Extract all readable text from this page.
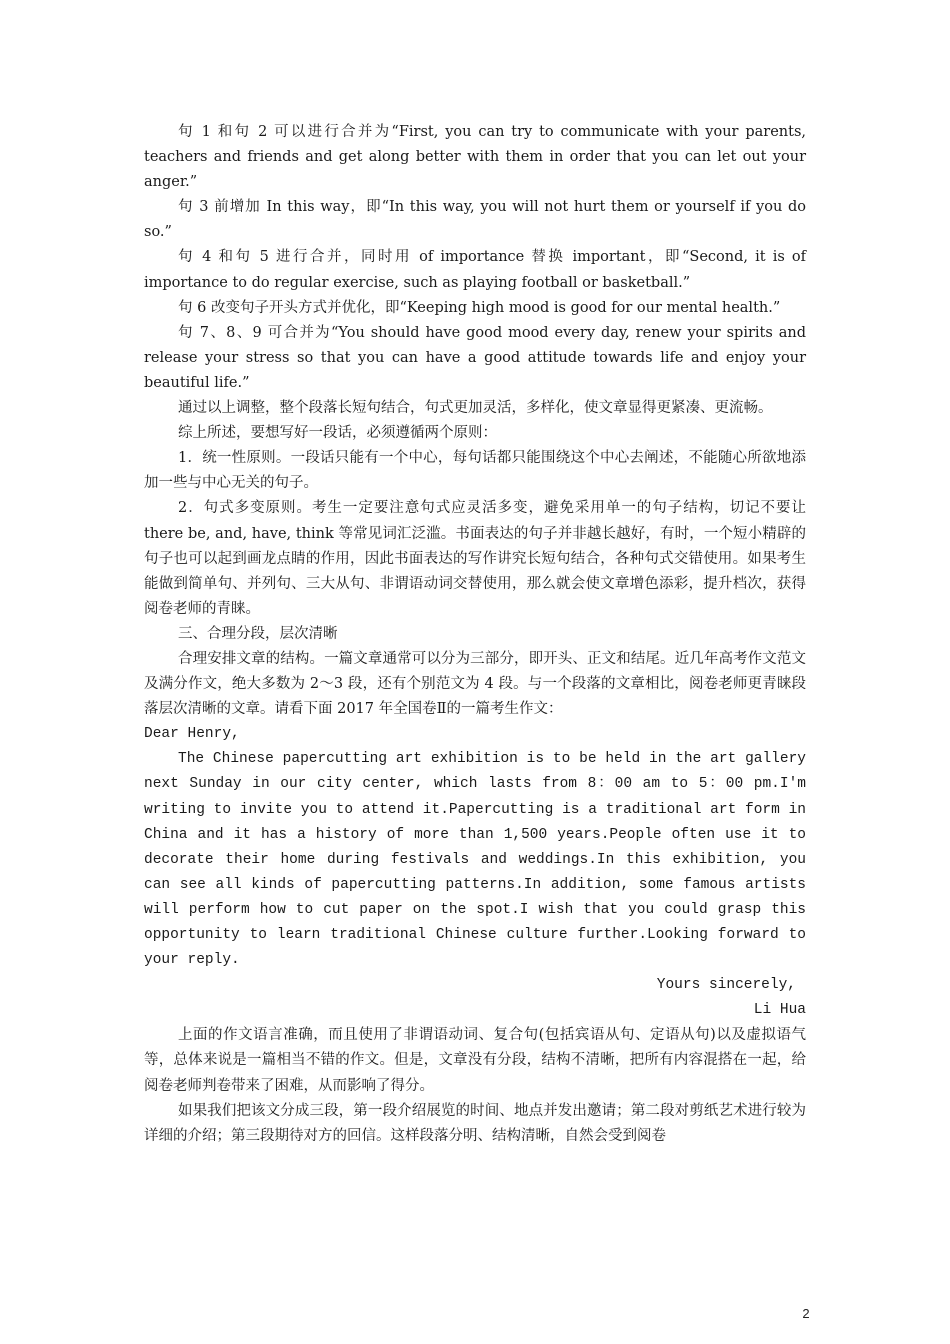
句 1 和句 2 可以进行合并为“First, you can try to communicate with your parents, teachers and friends and get along better with them in order that you can let out your anger.”

句 3 前增加 In this way，即“In this way, you will not hurt them or yourself if you do so.”

句 4 和句 5 进行合并，同时用 of importance 替换 important，即“Second, it is of importance to do regular exercise, such as playing football or basketball.”

句 6 改变句子开头方式并优化，即“Keeping high mood is good for our mental health.”

句 7、8、9 可合并为“You should have good mood every day, renew your spirits and release your stress so that you can have a good attitude towards life and enjoy your beautiful life.”

通过以上调整，整个段落长短句结合，句式更加灵活，多样化，使文章显得更紧凑、更流畅。

综上所述，要想写好一段话，必须遵循两个原则：

1．统一性原则。一段话只能有一个中心，每句话都只能围绕这个中心去阐述，不能随心所欲地添加一些与中心无关的句子。

2．句式多变原则。考生一定要注意句式应灵活多变，避免采用单一的句子结构，切记不要让 there be, and, have, think 等常见词汇泛滥。书面表达的句子并非越长越好，有时，一个短小精辟的句子也可以起到画龙点睛的作用，因此书面表达的写作讲究长短句结合，各种句式交错使用。如果考生能做到简单句、并列句、三大从句、非谓语动词交替使用，那么就会使文章增色添彩，提升档次，获得阅卷老师的青睐。

三、合理分段，层次清晰

合理安排文章的结构。一篇文章通常可以分为三部分，即开头、正文和结尾。近几年高考作文范文及满分作文，绝大多数为 2～3 段，还有个别范文为 4 段。与一个段落的文章相比，阅卷老师更青睐段落层次清晰的文章。请看下面 2017 年全国卷Ⅱ的一篇考生作文：

Dear Henry,

The Chinese papercutting art exhibition is to be held in the art gallery next Sunday in our city center, which lasts from 8：00 am to 5：00 pm.I'm writing to invite you to attend it.Papercutting is a traditional art form in China and it has a history of more than 1,500 years.People often use it to decorate their home during festivals and weddings.In this exhibition, you can see all kinds of papercutting patterns.In addition, some famous artists will perform how to cut paper on the spot.I wish that you could grasp this opportunity to learn traditional Chinese culture further.Looking forward to your reply.

Yours sincerely,

Li Hua

上面的作文语言准确，而且使用了非谓语动词、复合句(包括宾语从句、定语从句)以及虚拟语气等，总体来说是一篇相当不错的作文。但是，文章没有分段，结构不清晰，把所有内容混搭在一起，给阅卷老师判卷带来了困难，从而影响了得分。

如果我们把该文分成三段，第一段介绍展览的时间、地点并发出邀请；第二段对剪纸艺术进行较为详细的介绍；第三段期待对方的回信。这样段落分明、结构清晰，自然会受到阅卷

2
